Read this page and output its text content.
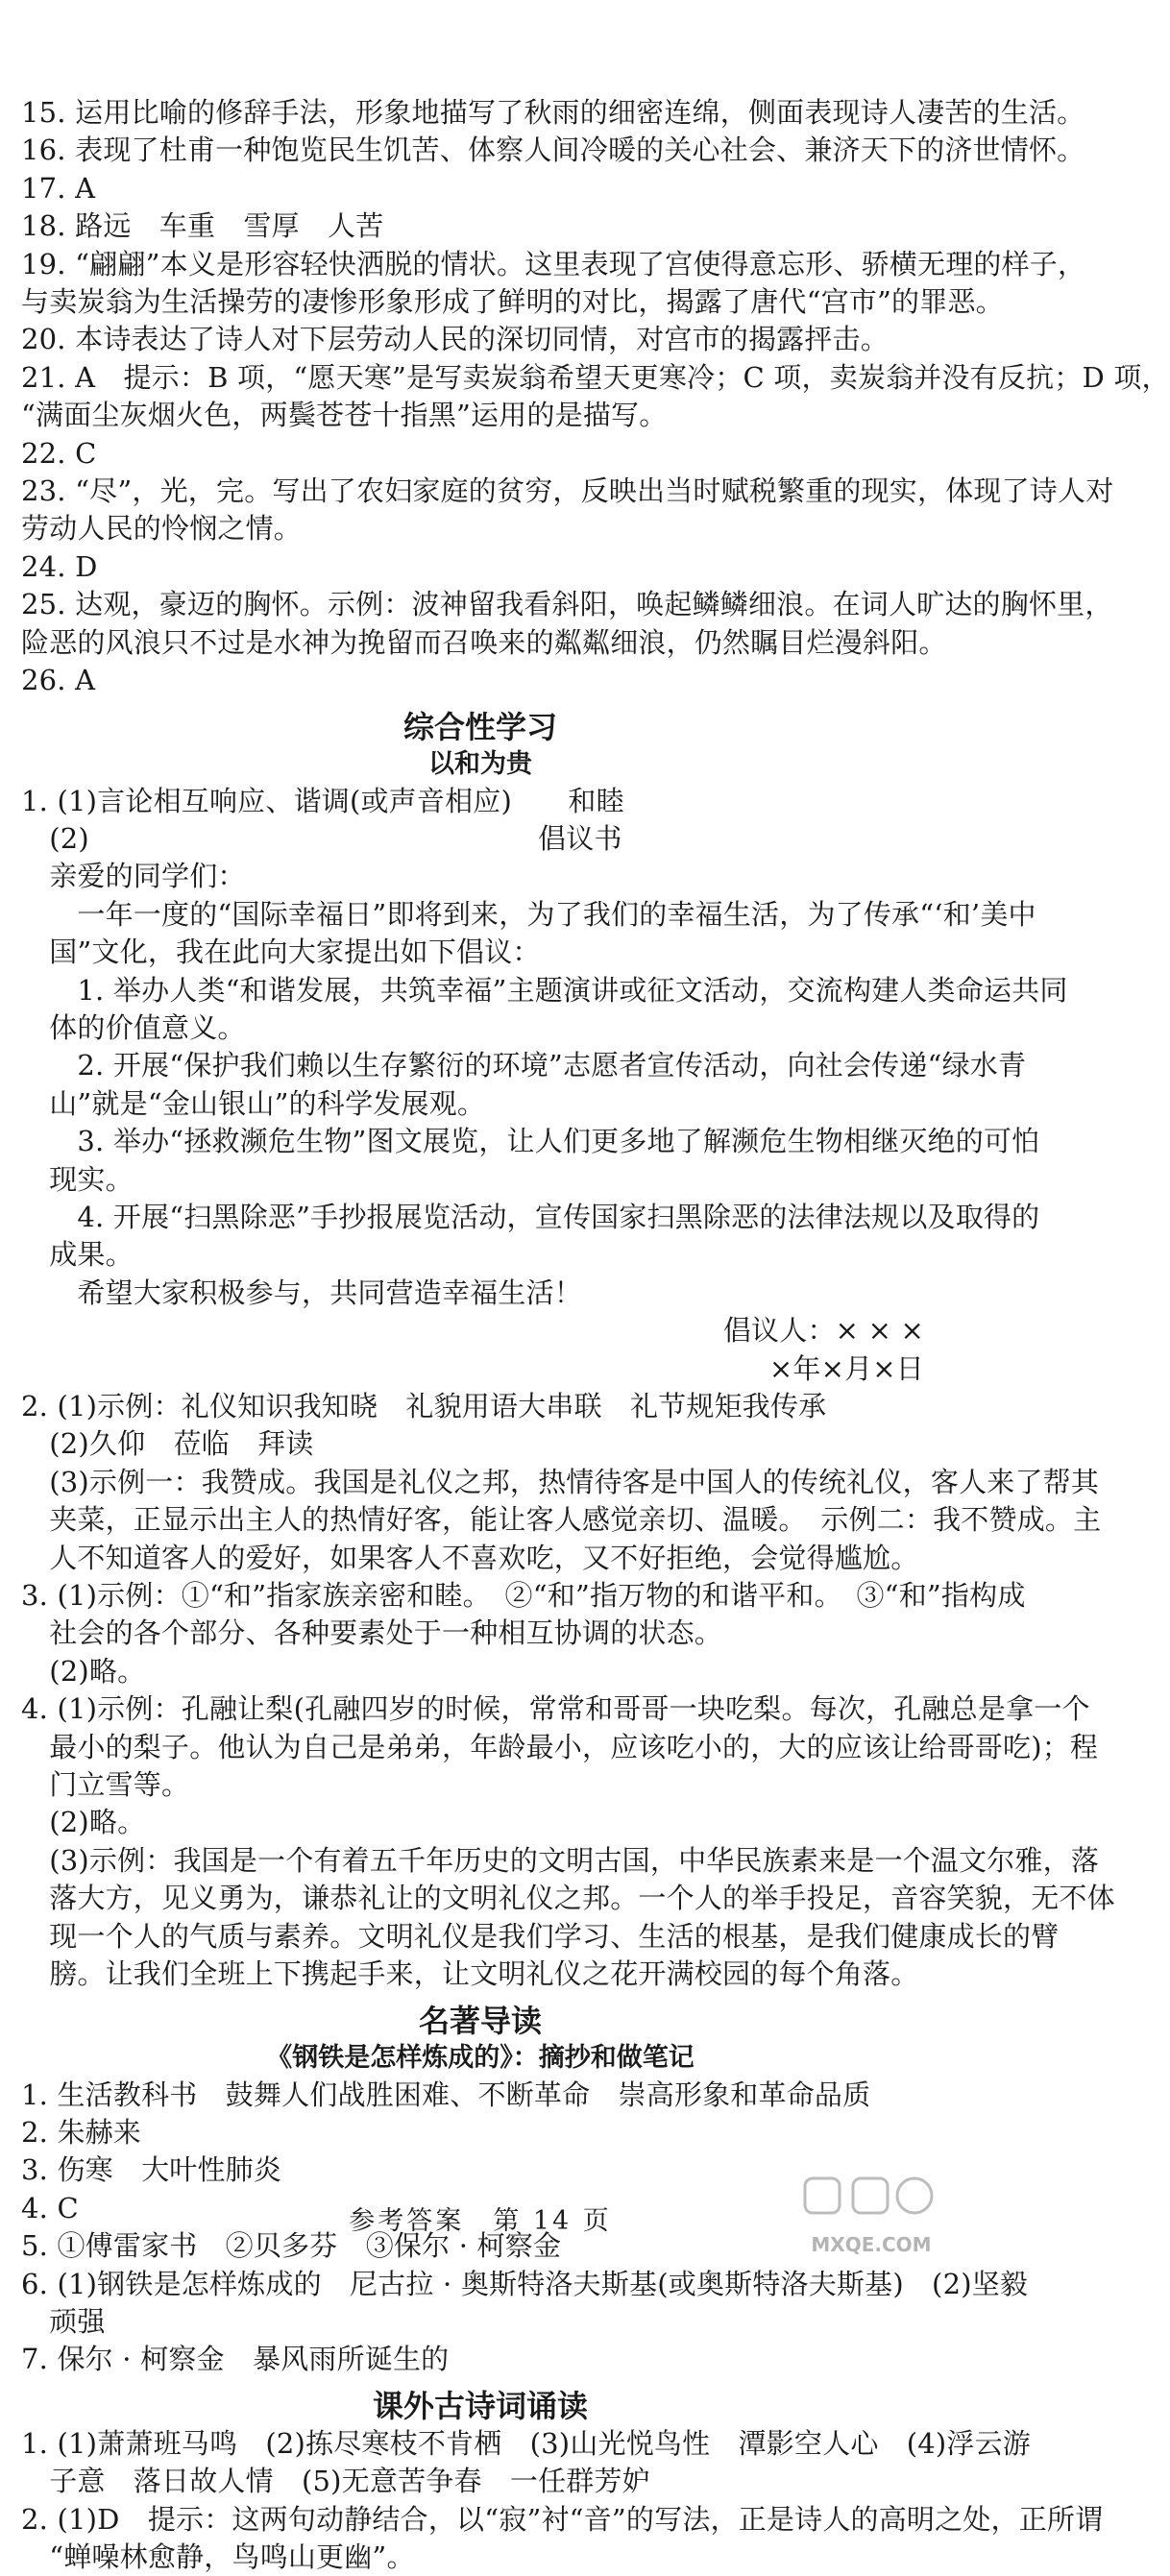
15. 运用比喻的修辞手法，形象地描写了秋雨的细密连绵，侧面表现诗人凄苦的生活。
16. 表现了杜甫一种饱览民生饥苦、体察人间冷暖的关心社会、兼济天下的济世情怀。
17. A
18. 路远　车重　雪厚　人苦
19. “翩翩”本义是形容轻快洒脱的情状。这里表现了宫使得意忘形、骄横无理的样子，
与卖炭翁为生活操劳的凄惨形象形成了鲜明的对比，揭露了唐代“宫市”的罪恶。
20. 本诗表达了诗人对下层劳动人民的深切同情，对宫市的揭露抨击。
21. A　提示：B 项，“愿天寒”是写卖炭翁希望天更寒冷；C 项，卖炭翁并没有反抗；D 项，
“满面尘灰烟火色，两鬓苍苍十指黑”运用的是描写。
22. C
23. “尽”，光，完。写出了农妇家庭的贫穷，反映出当时赋税繁重的现实，体现了诗人对
劳动人民的怜悯之情。
24. D
25. 达观，豪迈的胸怀。示例：波神留我看斜阳，唤起鳞鳞细浪。在词人旷达的胸怀里，
险恶的风浪只不过是水神为挽留而召唤来的粼粼细浪，仍然瞩目烂漫斜阳。
26. A
综合性学习
以和为贵
1. (1)言论相互响应、谐调(或声音相应)　　和睦
　(2)　　　　　　　　　　　　　　　　倡议书
　亲爱的同学们：
　　一年一度的“国际幸福日”即将到来，为了我们的幸福生活，为了传承“‘和’美中
　国”文化，我在此向大家提出如下倡议：
　　1. 举办人类“和谐发展，共筑幸福”主题演讲或征文活动，交流构建人类命运共同
　体的价值意义。
　　2. 开展“保护我们赖以生存繁衍的环境”志愿者宣传活动，向社会传递“绿水青
　山”就是“金山银山”的科学发展观。
　　3. 举办“拯救濒危生物”图文展览，让人们更多地了解濒危生物相继灭绝的可怕
　现实。
　　4. 开展“扫黑除恶”手抄报展览活动，宣传国家扫黑除恶的法律法规以及取得的
　成果。
　　希望大家积极参与，共同营造幸福生活！
倡议人：× × ×
×年×月×日
2. (1)示例：礼仪知识我知晓　礼貌用语大串联　礼节规矩我传承
　(2)久仰　莅临　拜读
　(3)示例一：我赞成。我国是礼仪之邦，热情待客是中国人的传统礼仪，客人来了帮其
　夹菜，正显示出主人的热情好客，能让客人感觉亲切、温暖。　示例二：我不赞成。主
　人不知道客人的爱好，如果客人不喜欢吃，又不好拒绝，会觉得尴尬。
3. (1)示例：①“和”指家族亲密和睦。　②“和”指万物的和谐平和。　③“和”指构成
　社会的各个部分、各种要素处于一种相互协调的状态。
　(2)略。
4. (1)示例：孔融让梨(孔融四岁的时候，常常和哥哥一块吃梨。每次，孔融总是拿一个
　最小的梨子。他认为自己是弟弟，年龄最小，应该吃小的，大的应该让给哥哥吃)；程
　门立雪等。
　(2)略。
　(3)示例：我国是一个有着五千年历史的文明古国，中华民族素来是一个温文尔雅，落
　落大方，见义勇为，谦恭礼让的文明礼仪之邦。一个人的举手投足，音容笑貌，无不体
　现一个人的气质与素养。文明礼仪是我们学习、生活的根基，是我们健康成长的臂
　膀。让我们全班上下携起手来，让文明礼仪之花开满校园的每个角落。
名著导读
《钢铁是怎样炼成的》：摘抄和做笔记
1. 生活教科书　鼓舞人们战胜困难、不断革命　崇高形象和革命品质
2. 朱赫来
3. 伤寒　大叶性肺炎
4. C
5. ①傅雷家书　②贝多芬　③保尔 · 柯察金
6. (1)钢铁是怎样炼成的　尼古拉 · 奥斯特洛夫斯基(或奥斯特洛夫斯基)　(2)坚毅
　顽强
7. 保尔 · 柯察金　暴风雨所诞生的
课外古诗词诵读
1. (1)萧萧班马鸣　(2)拣尽寒枝不肯栖　(3)山光悦鸟性　潭影空人心　(4)浮云游
　子意　落日故人情　(5)无意苦争春　一任群芳妒
2. (1)D　提示：这两句动静结合，以“寂”衬“音”的写法，正是诗人的高明之处，正所谓
　“蝉噪林愈静，鸟鸣山更幽”。
参考答案　第 14 页
MXQE.COM
